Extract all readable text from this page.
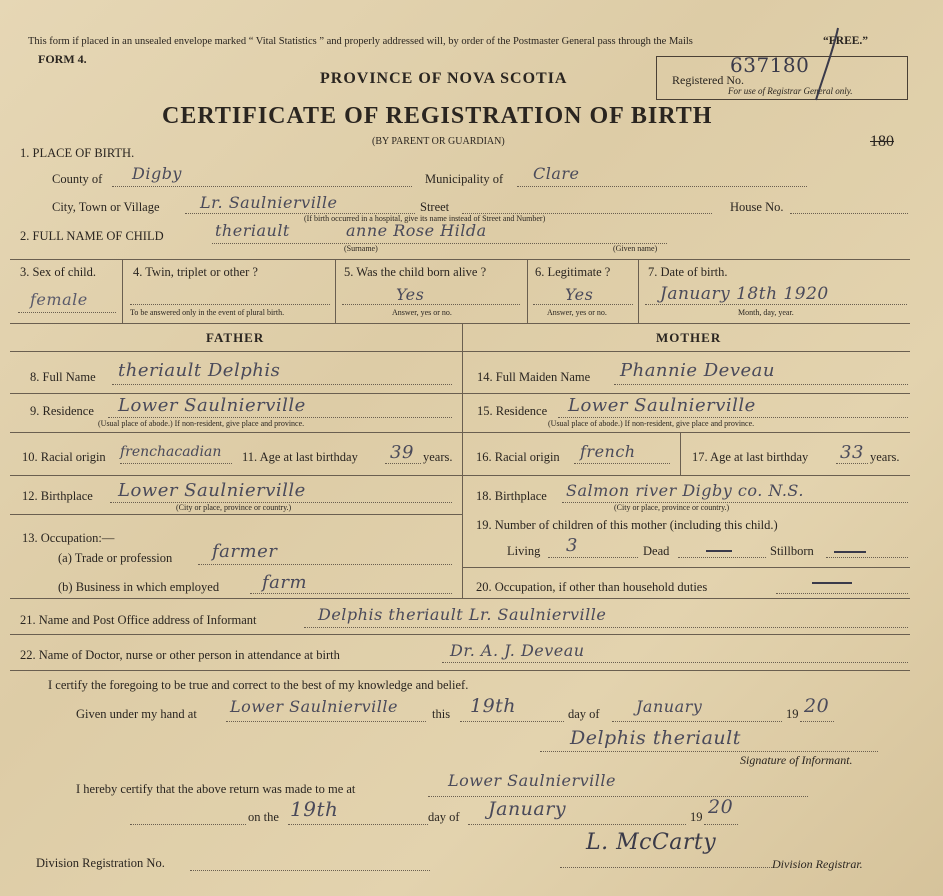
This form if placed in an unsealed envelope marked “ Vital Statistics ” and properly addressed will, by order of the Postmaster General pass through the Mails	“FREE.”
FORM 4.
Registered No.
637180
For use of Registrar General only.
PROVINCE OF NOVA SCOTIA
CERTIFICATE OF REGISTRATION OF BIRTH
(BY PARENT OR GUARDIAN)	180
1. PLACE OF BIRTH.
County of Digby	Municipality of Clare
City, Town or Village	Lr. Saulnierville	Street	House No.
(If birth occurred in a hospital, give its name instead of Street and Number)
2. FULL NAME OF CHILD	theriault	anne Rose Hilda
(Surname)	(Given name)
3. Sex of child.
female
4. Twin, triplet or other ?
To be answered only in the event of plural birth.
5. Was the child born alive ?
Yes
Answer, yes or no.
6. Legitimate ?
Yes
Answer, yes or no.
7. Date of birth.
January 18th 1920
Month, day, year.
FATHER	MOTHER
8. Full Name theriault Delphis
9. Residence Lower Saulnierville
(Usual place of abode.) If non-resident, give place and province.
10. Racial origin frenchacadian 11. Age at last birthday 39 years.
12. Birthplace Lower Saulnierville
(City or place, province or country.)
13. Occupation:—
(a) Trade or profession farmer
(b) Business in which employed farm
14. Full Maiden Name Phannie Deveau
15. Residence Lower Saulnierville
(Usual place of abode.) If non-resident, give place and province.
16. Racial origin french	17. Age at last birthday 33 years.
18. Birthplace Salmon river Digby co. N.S.
(City or place, province or country.)
19. Number of children of this mother (including this child.)
Living 3	Dead	Stillborn
20. Occupation, if other than household duties
21. Name and Post Office address of Informant	Delphis theriault Lr. Saulnierville
22. Name of Doctor, nurse or other person in attendance at birth	Dr. A. J. Deveau
I certify the foregoing to be true and correct to the best of my knowledge and belief.
Given under my hand at Lower Saulnierville	this 19th	day of January	19 20
Delphis theriault
Signature of Informant.
I hereby certify that the above return was made to me at	Lower Saulnierville
on the 19th	day of January	19 20
L. McCarty
Division Registrar.
Division Registration No.
